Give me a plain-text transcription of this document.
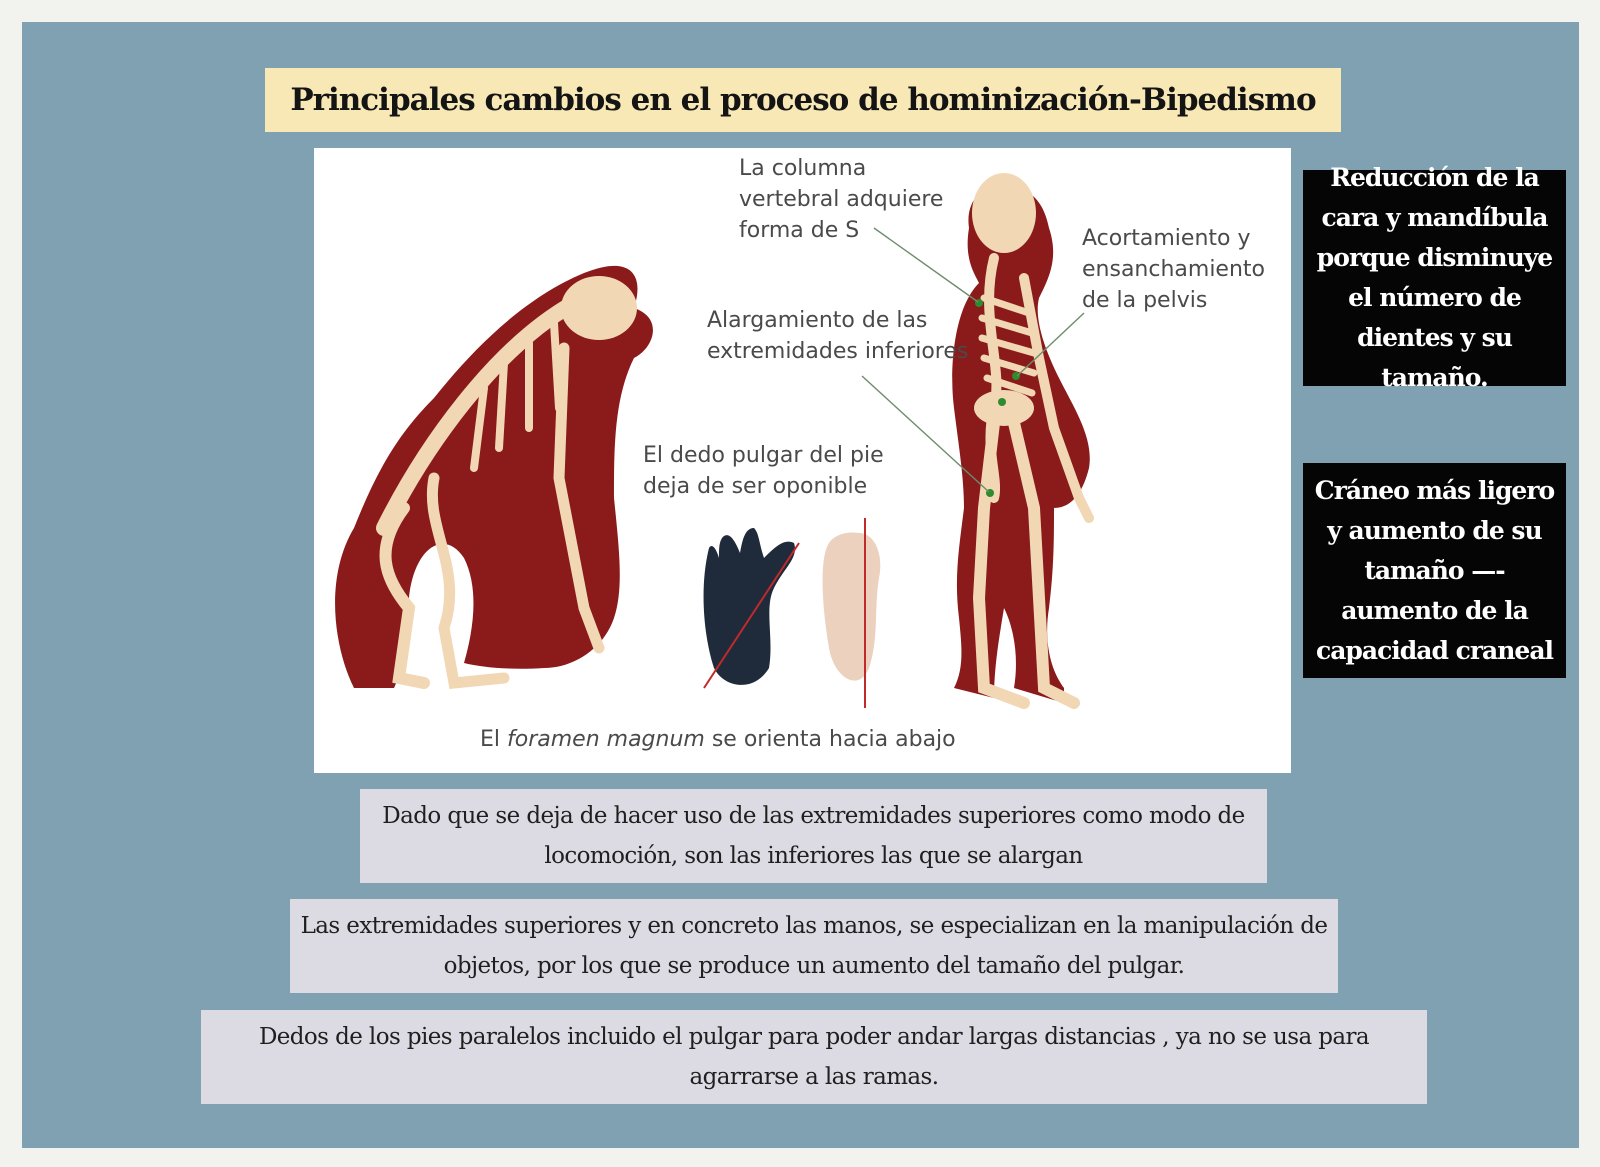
Principales cambios en el proceso de hominización-Bipedismo
La columna
vertebral adquiere
forma de S	Acortamiento y
ensanchamiento
de la pelvis
Alargamiento de las
extremidades inferiores
El dedo pulgar del pie
deja de ser oponible
El foramen magnum se orienta hacia abajo
Reducción de la cara y mandíbula porque disminuye el número de dientes y su tamaño.
Cráneo más ligero y aumento de su tamaño —- aumento de la capacidad craneal
Dado que se deja de hacer uso de las extremidades superiores como modo de locomoción, son las inferiores las que se alargan
Las extremidades superiores y en concreto las manos, se especializan en la manipulación de objetos, por los que se produce un aumento del tamaño del pulgar.
Dedos de los pies paralelos incluido el pulgar para poder andar largas distancias , ya no se usa para agarrarse a las ramas.
